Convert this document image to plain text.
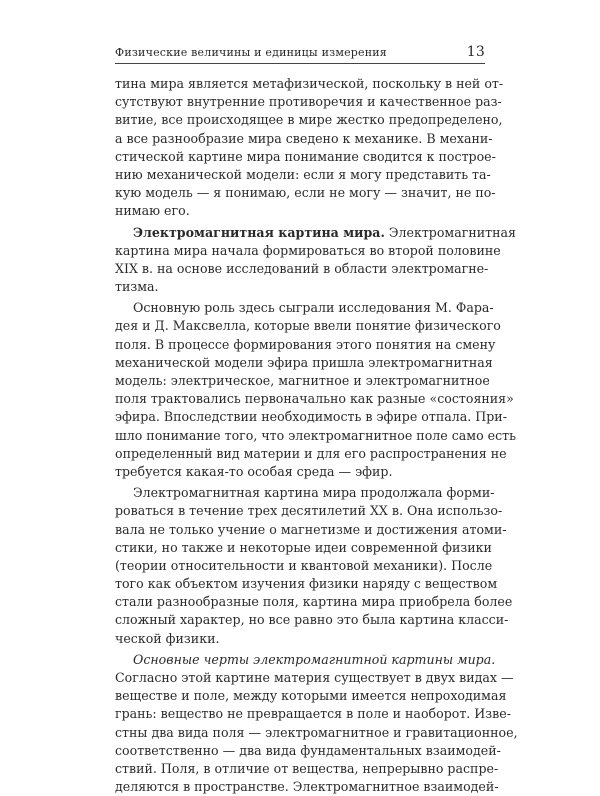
Физические величины и единицы измерения	13
тина мира является метафизической, поскольку в ней от-
сутствуют внутренние противоречия и качественное раз-
витие, все происходящее в мире жестко предопределено,
а все разнообразие мира сведено к механике. В механи-
стической картине мира понимание сводится к построе-
нию механической модели: если я могу представить та-
кую модель — я понимаю, если не могу — значит, не по-
нимаю его.
Электромагнитная картина мира. Электромагнитная
картина мира начала формироваться во второй половине
XIX в. на основе исследований в области электромагне-
тизма.
Основную роль здесь сыграли исследования М. Фара-
дея и Д. Максвелла, которые ввели понятие физического
поля. В процессе формирования этого понятия на смену
механической модели эфира пришла электромагнитная
модель: электрическое, магнитное и электромагнитное
поля трактовались первоначально как разные «состояния»
эфира. Впоследствии необходимость в эфире отпала. При-
шло понимание того, что электромагнитное поле само есть
определенный вид материи и для его распространения не
требуется какая-то особая среда — эфир.
Электромагнитная картина мира продолжала форми-
роваться в течение трех десятилетий XX в. Она использо-
вала не только учение о магнетизме и достижения атоми-
стики, но также и некоторые идеи современной физики
(теории относительности и квантовой механики). После
того как объектом изучения физики наряду с веществом
стали разнообразные поля, картина мира приобрела более
сложный характер, но все равно это была картина класси-
ческой физики.
Основные черты электромагнитной картины мира.
Согласно этой картине материя существует в двух видах —
веществе и поле, между которыми имеется непроходимая
грань: вещество не превращается в поле и наоборот. Изве-
стны два вида поля — электромагнитное и гравитационное,
соответственно — два вида фундаментальных взаимодей-
ствий. Поля, в отличие от вещества, непрерывно распре-
деляются в пространстве. Электромагнитное взаимодей-
